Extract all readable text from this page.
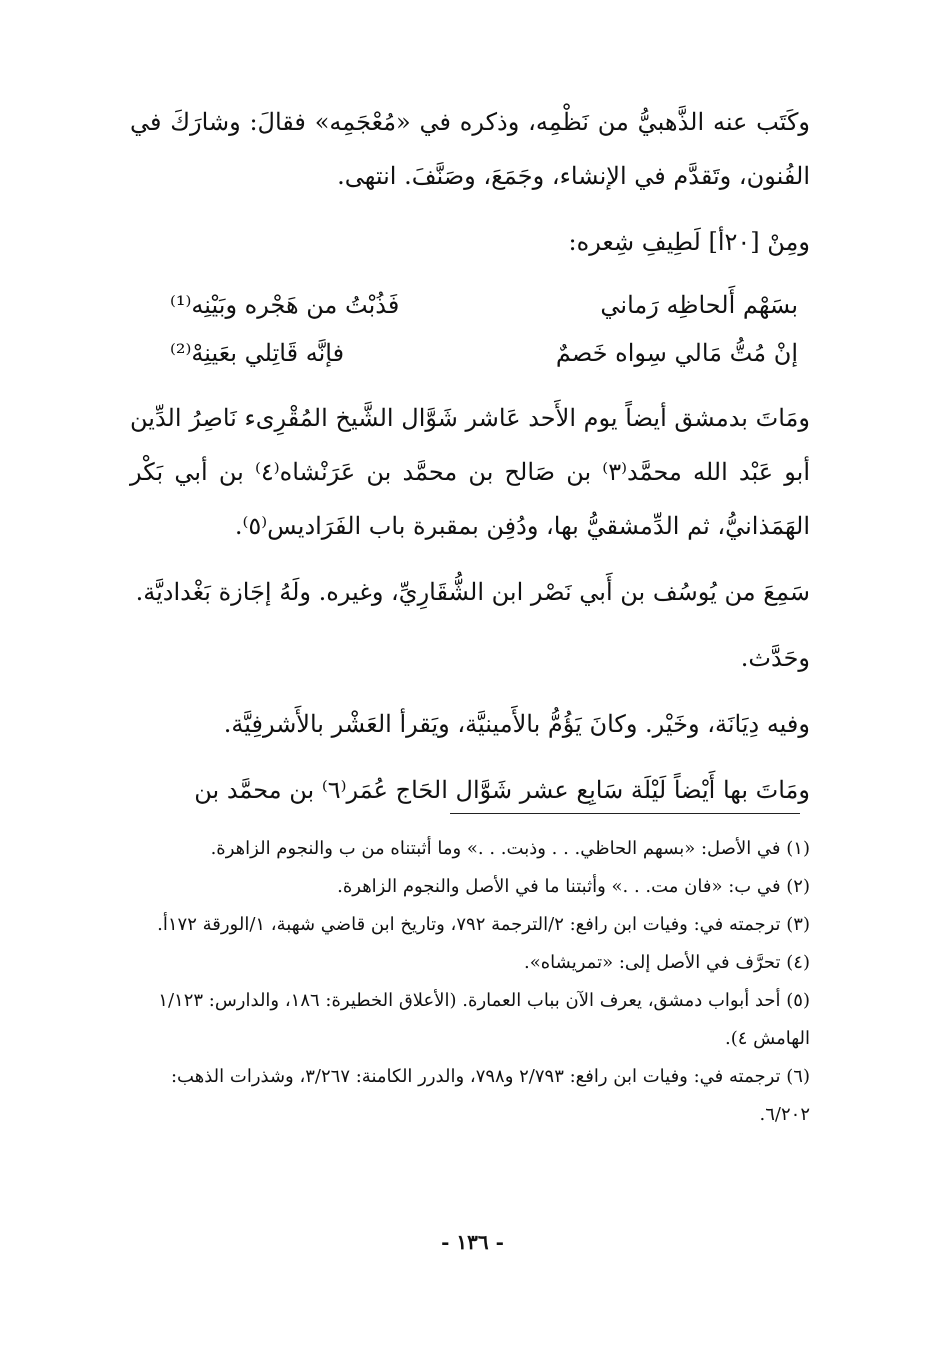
وكَتَب عنه الذَّهبيُّ من نَظْمِه، وذكره في «مُعْجَمِه» فقالَ: وشارَكَ في الفُنون، وتَقدَّم في الإنشاء، وجَمَعَ، وصَنَّفَ. انتهى.

ومِنْ [٢٠أ] لَطِيفِ شِعره:

بسَهْم أَلحاظِه رَماني
فَذُبْتُ من هَجْره وبَيْنِه⁽¹⁾
إنْ مُتُّ مَالي سِواه خَصمٌ
فإنَّه قَاتِلي بعَينِهْ⁽²⁾

ومَاتَ بدمشق أيضاً يوم الأَحد عَاشر شَوَّال الشَّيخ المُقْرِىء نَاصِرُ الدِّين أبو عَبْد الله محمَّد⁽٣⁾ بن صَالح بن محمَّد بن عَرَنْشاه⁽٤⁾ بن أبي بَكْر الهَمَذانيُّ، ثم الدِّمشقيُّ بها، ودُفِن بمقبرة باب الفَرَاديس⁽٥⁾.

سَمِعَ من يُوسُف بن أَبي نَصْر ابن الشُّقَارِيِّ، وغيره. ولَهُ إجَازة بَغْداديَّة.

وحَدَّث.

وفيه دِيَانَة، وخَيْر. وكانَ يَؤُمُّ بالأَمينيَّة، ويَقرأ العَشْر بالأَشرفِيَّة.

ومَاتَ بها أَيْضاً لَيْلَة سَابِع عشر شَوَّال الحَاج عُمَر⁽٦⁾ بن محمَّد بن

(١) في الأصل: «بسهم الحاظي. . . وذبت. . .» وما أثبتناه من ب والنجوم الزاهرة.

(٢) في ب: «فان مت. . .» وأثبتنا ما في الأصل والنجوم الزاهرة.

(٣) ترجمته في: وفيات ابن رافع: ٢/الترجمة ٧٩٢، وتاريخ ابن قاضي شهبة، ١/الورقة ١٧٢أ.

(٤) تحرَّف في الأصل إلى: «تمريشاه».

(٥) أحد أبواب دمشق، يعرف الآن بباب العمارة. (الأعلاق الخطيرة: ١٨٦، والدارس: ١/١٢٣ الهامش ٤).

(٦) ترجمته في: وفيات ابن رافع: ٢/٧٩٣ و٧٩٨، والدرر الكامنة: ٣/٢٦٧، وشذرات الذهب: ٦/٢٠٢.

- ١٣٦ -
